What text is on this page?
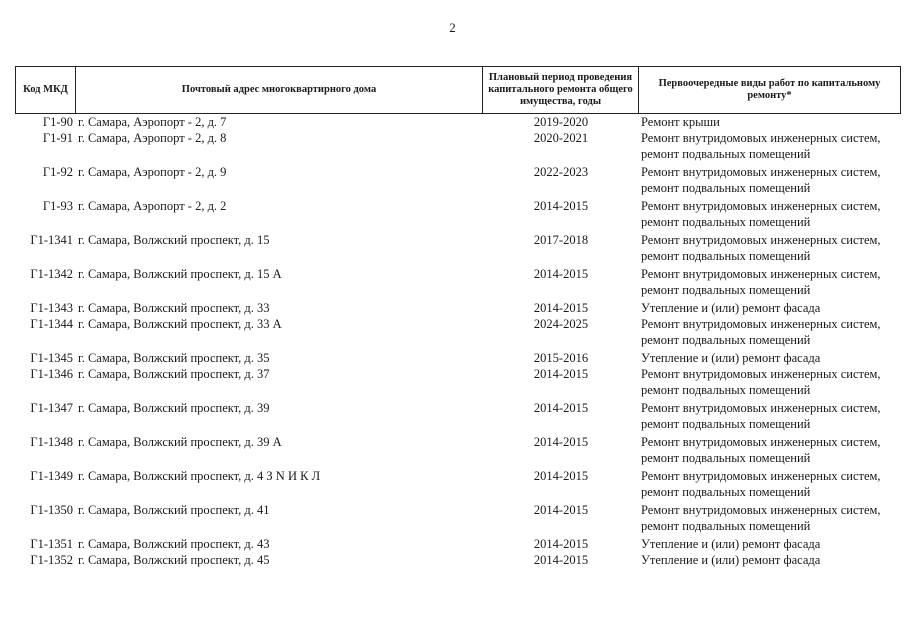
2
Код МКД	Почтовый адрес многоквартирного дома	Плановый период проведения капитального ремонта общего имущества, годы	Первоочередные виды работ по капитальному ремонту*
Г1-90 г. Самара, Аэропорт - 2, д. 7	2019-2020	Ремонт крыши
Г1-91 г. Самара, Аэропорт - 2, д. 8	2020-2021	Ремонт внутридомовых инженерных систем,
ремонт подвальных помещений
Г1-92 г. Самара, Аэропорт - 2, д. 9	2022-2023	Ремонт внутридомовых инженерных систем,
ремонт подвальных помещений
Г1-93 г. Самара, Аэропорт - 2, д. 2	2014-2015	Ремонт внутридомовых инженерных систем,
ремонт подвальных помещений
Г1-1341 г. Самара, Волжский проспект, д. 15	2017-2018	Ремонт внутридомовых инженерных систем,
ремонт подвальных помещений
Г1-1342 г. Самара, Волжский проспект, д. 15 А	2014-2015	Ремонт внутридомовых инженерных систем,
ремонт подвальных помещений
Г1-1343 г. Самара, Волжский проспект, д. 33	2014-2015	Утепление и (или) ремонт фасада
Г1-1344 г. Самара, Волжский проспект, д. 33 А	2024-2025	Ремонт внутридомовых инженерных систем,
ремонт подвальных помещений
Г1-1345 г. Самара, Волжский проспект, д. 35	2015-2016	Утепление и (или) ремонт фасада
Г1-1346 г. Самара, Волжский проспект, д. 37	2014-2015	Ремонт внутридомовых инженерных систем,
ремонт подвальных помещений
Г1-1347 г. Самара, Волжский проспект, д. 39	2014-2015	Ремонт внутридомовых инженерных систем,
ремонт подвальных помещений
Г1-1348 г. Самара, Волжский проспект, д. 39 А	2014-2015	Ремонт внутридомовых инженерных систем,
ремонт подвальных помещений
Г1-1349 г. Самара, Волжский проспект, д. 4 З N И К Л	2014-2015	Ремонт внутридомовых инженерных систем,
ремонт подвальных помещений
Г1-1350 г. Самара, Волжский проспект, д. 41	2014-2015	Ремонт внутридомовых инженерных систем,
ремонт подвальных помещений
Г1-1351 г. Самара, Волжский проспект, д. 43	2014-2015	Утепление и (или) ремонт фасада
Г1-1352 г. Самара, Волжский проспект, д. 45	2014-2015	Утепление и (или) ремонт фасада
